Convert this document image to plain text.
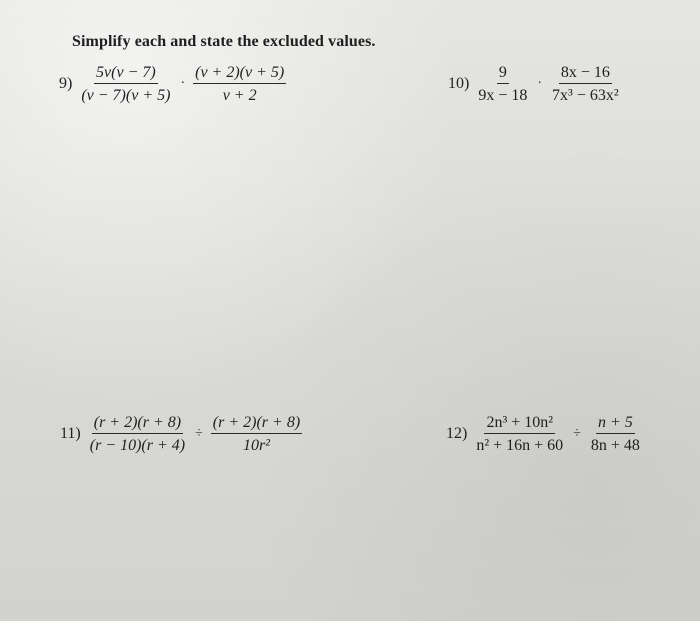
Simplify each and state the excluded values.
$9) \frac{5v(v - 7)}{(v - 7)(v + 5)} \cdot \frac{(v + 2)(v + 5)}{v + 2}$	$10) \frac{9}{9x - 18} \cdot \frac{8x - 16}{\text{7x³ − 63x²}}$
$11) \frac{(r + 2)(r + 8)}{(r - 10)(r + 4)} \div \frac{(r + 2)(r + 8)}{\text{10r²}}$	$12) \frac{\text{2n³ + 10n²}}{\text{n² + 16n + 60}} \div \frac{n + 5}{8n + 48}$
